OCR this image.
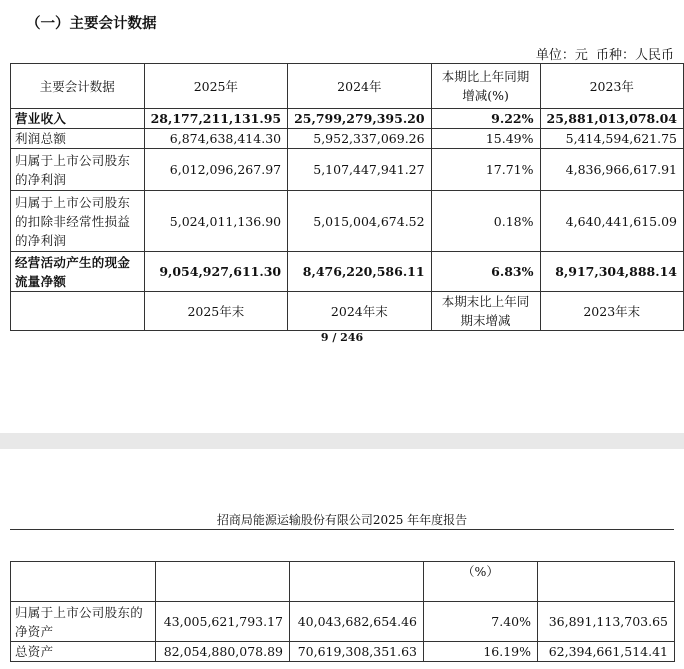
（一）主要会计数据
单位：元 币种：人民币
主要会计数据	2025年	2024年	本期比上年同期增减(%)	2023年
营业收入	28,177,211,131.95	25,799,279,395.20	9.22%	25,881,013,078.04
利润总额	6,874,638,414.30	5,952,337,069.26	15.49%	5,414,594,621.75
归属于上市公司股东的净利润	6,012,096,267.97	5,107,447,941.27	17.71%	4,836,966,617.91
归属于上市公司股东的扣除非经常性损益的净利润	5,024,011,136.90	5,015,004,674.52	0.18%	4,640,441,615.09
经营活动产生的现金流量净额	9,054,927,611.30	8,476,220,586.11	6.83%	8,917,304,888.14
	2025年末	2024年末	本期末比上年同期末增减	2023年末
9 / 246
招商局能源运输股份有限公司2025 年年度报告
			（%）	
归属于上市公司股东的净资产	43,005,621,793.17	40,043,682,654.46	7.40%	36,891,113,703.65
总资产	82,054,880,078.89	70,619,308,351.63	16.19%	62,394,661,514.41
